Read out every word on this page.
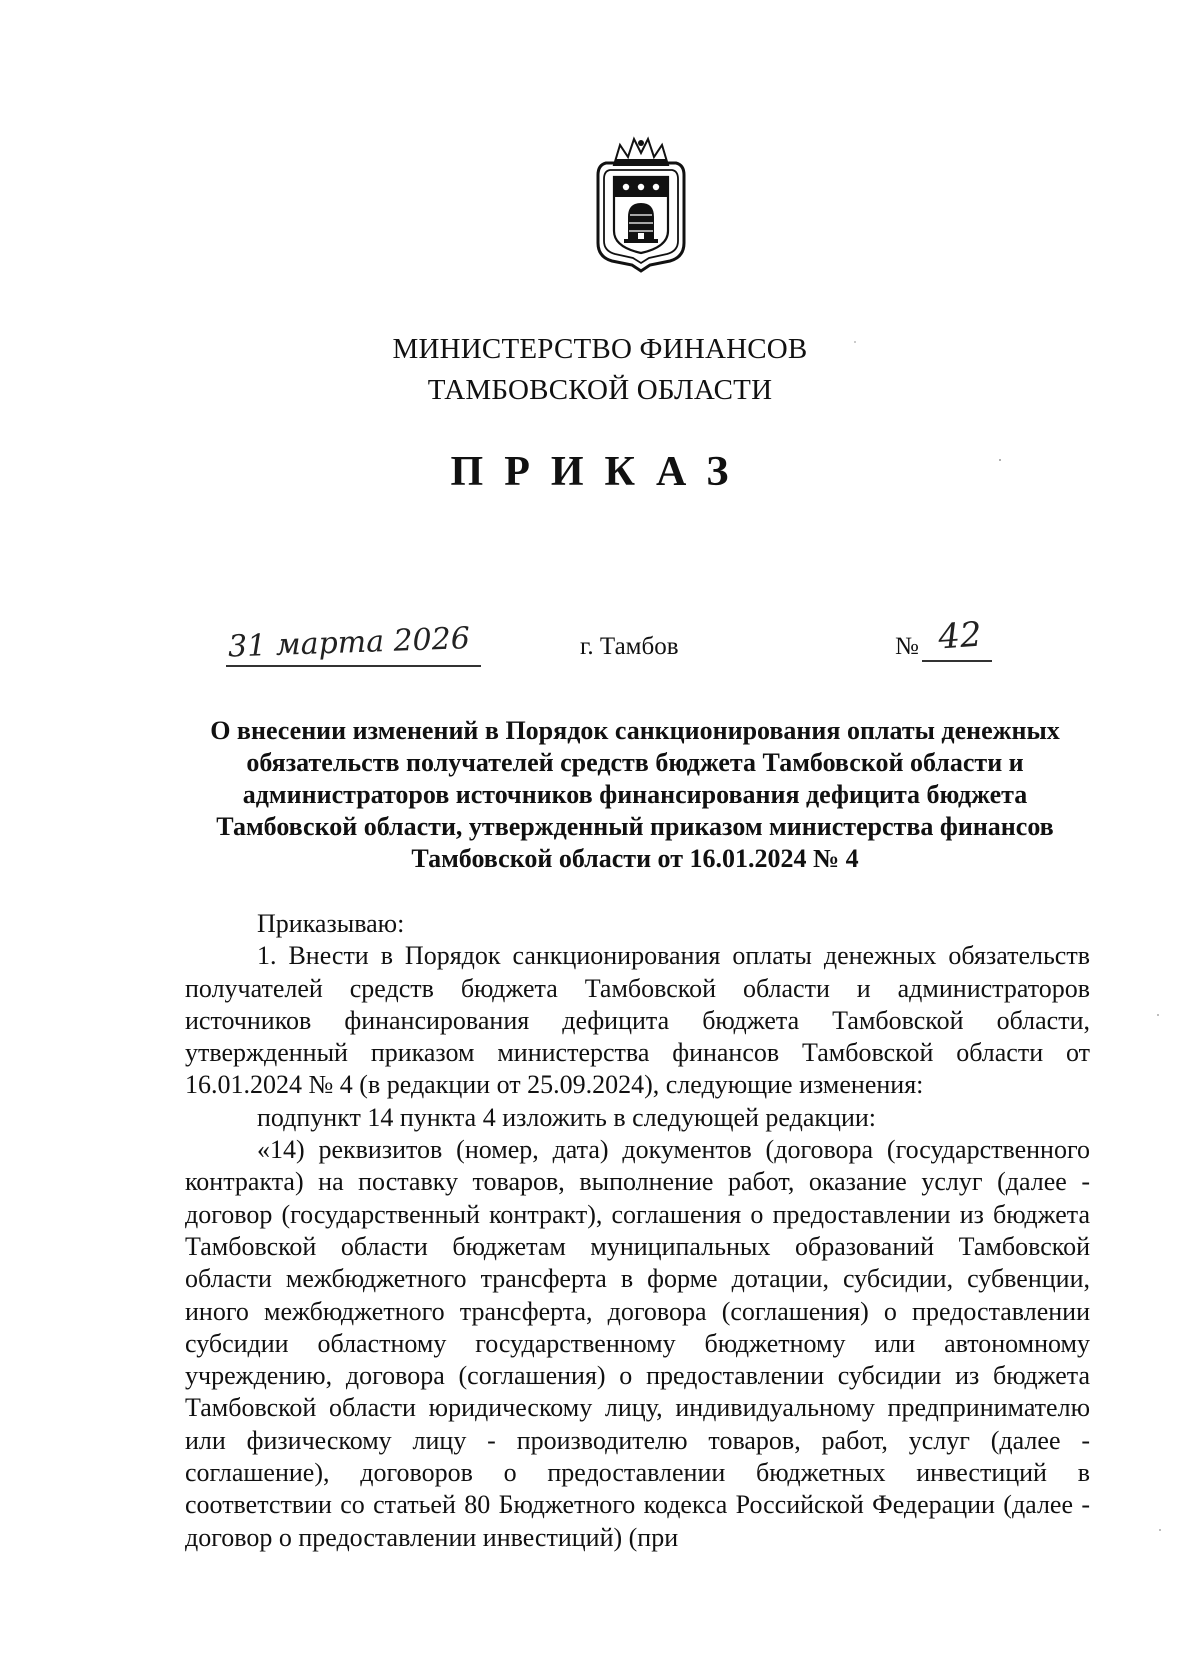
МИНИСТЕРСТВО ФИНАНСОВ
ТАМБОВСКОЙ ОБЛАСТИ
ПРИКАЗ
31 марта 2026	г. Тамбов	№ 42
О внесении изменений в Порядок санкционирования оплаты денежных обязательств получателей средств бюджета Тамбовской области и администраторов источников финансирования дефицита бюджета Тамбовской области, утвержденный приказом министерства финансов Тамбовской области от 16.01.2024 № 4

Приказываю:

1. Внести в Порядок санкционирования оплаты денежных обязательств получателей средств бюджета Тамбовской области и администраторов источников финансирования дефицита бюджета Тамбовской области, утвержденный приказом министерства финансов Тамбовской области от 16.01.2024 № 4 (в редакции от 25.09.2024), следующие изменения:

подпункт 14 пункта 4 изложить в следующей редакции:

«14) реквизитов (номер, дата) документов (договора (государственного контракта) на поставку товаров, выполнение работ, оказание услуг (далее - договор (государственный контракт), соглашения о предоставлении из бюджета Тамбовской области бюджетам муниципальных образований Тамбовской области межбюджетного трансферта в форме дотации, субсидии, субвенции, иного межбюджетного трансферта, договора (соглашения) о предоставлении субсидии областному государственному бюджетному или автономному учреждению, договора (соглашения) о предоставлении субсидии из бюджета Тамбовской области юридическому лицу, индивидуальному предпринимателю или физическому лицу - производителю товаров, работ, услуг (далее - соглашение), договоров о предоставлении бюджетных инвестиций в соответствии со статьей 80 Бюджетного кодекса Российской Федерации (далее - договор о предоставлении инвестиций) (при
